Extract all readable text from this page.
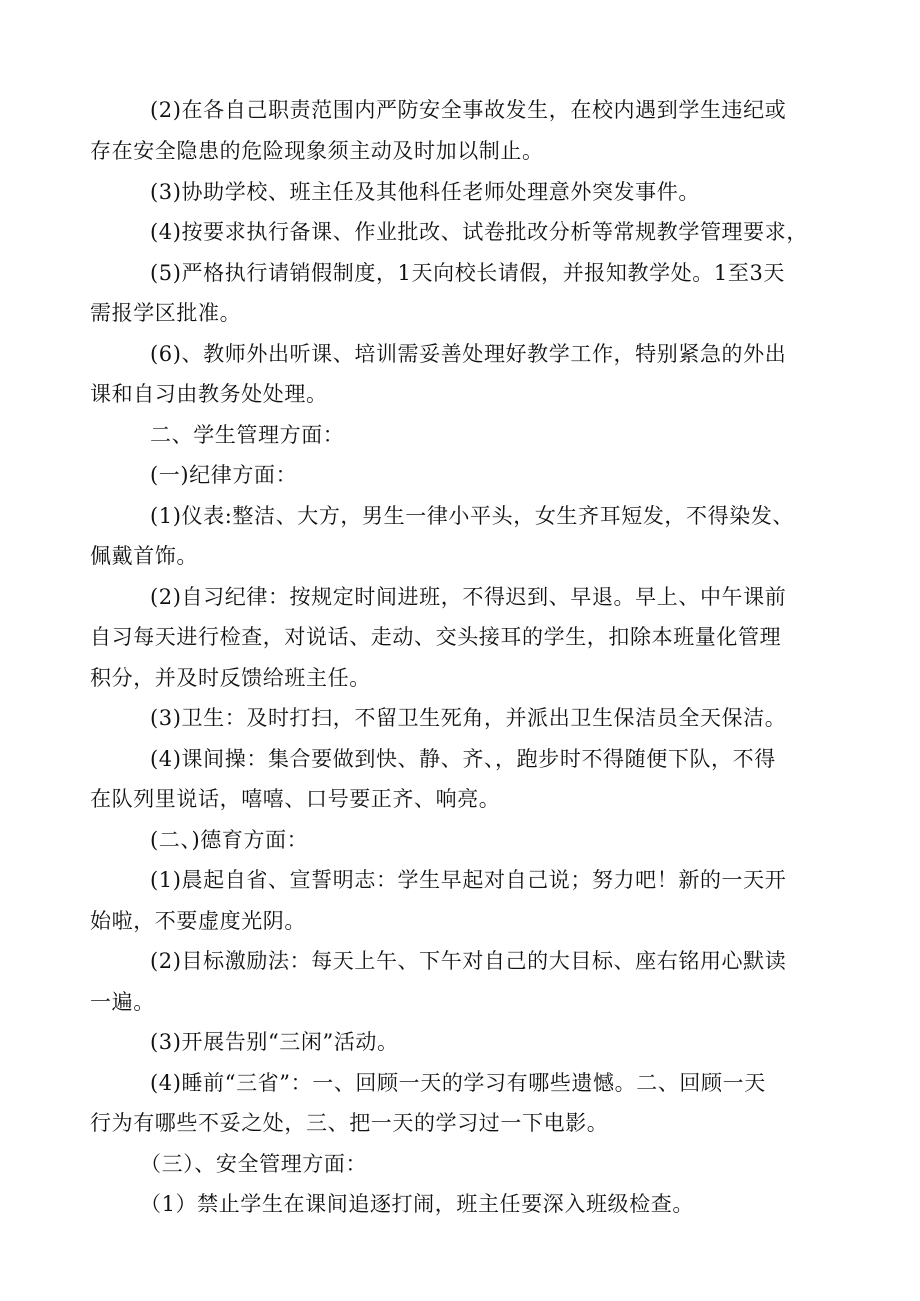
(2)在各自己职责范围内严防安全事故发生，在校内遇到学生违纪或
存在安全隐患的危险现象须主动及时加以制止。
(3)协助学校、班主任及其他科任老师处理意外突发事件。
(4)按要求执行备课、作业批改、试卷批改分析等常规教学管理要求，
(5)严格执行请销假制度，1天向校长请假，并报知教学处。1至3天
需报学区批准。
(6)、教师外出听课、培训需妥善处理好教学工作，特别紧急的外出
课和自习由教务处处理。
二、学生管理方面：
(一)纪律方面：
(1)仪表:整洁、大方，男生一律小平头，女生齐耳短发，不得染发、
佩戴首饰。
(2)自习纪律：按规定时间进班，不得迟到、早退。早上、中午课前
自习每天进行检查，对说话、走动、交头接耳的学生，扣除本班量化管理
积分，并及时反馈给班主任。
(3)卫生：及时打扫，不留卫生死角，并派出卫生保洁员全天保洁。
(4)课间操：集合要做到快、静、齐、，跑步时不得随便下队，不得
在队列里说话，嘻嘻、口号要正齐、响亮。
(二、)德育方面：
(1)晨起自省、宣誓明志：学生早起对自己说；努力吧！新的一天开
始啦，不要虚度光阴。
(2)目标激励法：每天上午、下午对自己的大目标、座右铭用心默读
一遍。
(3)开展告别“三闲”活动。
(4)睡前“三省”：一、回顾一天的学习有哪些遗憾。二、回顾一天
行为有哪些不妥之处，三、把一天的学习过一下电影。
（三）、安全管理方面：
（1）禁止学生在课间追逐打闹，班主任要深入班级检查。
